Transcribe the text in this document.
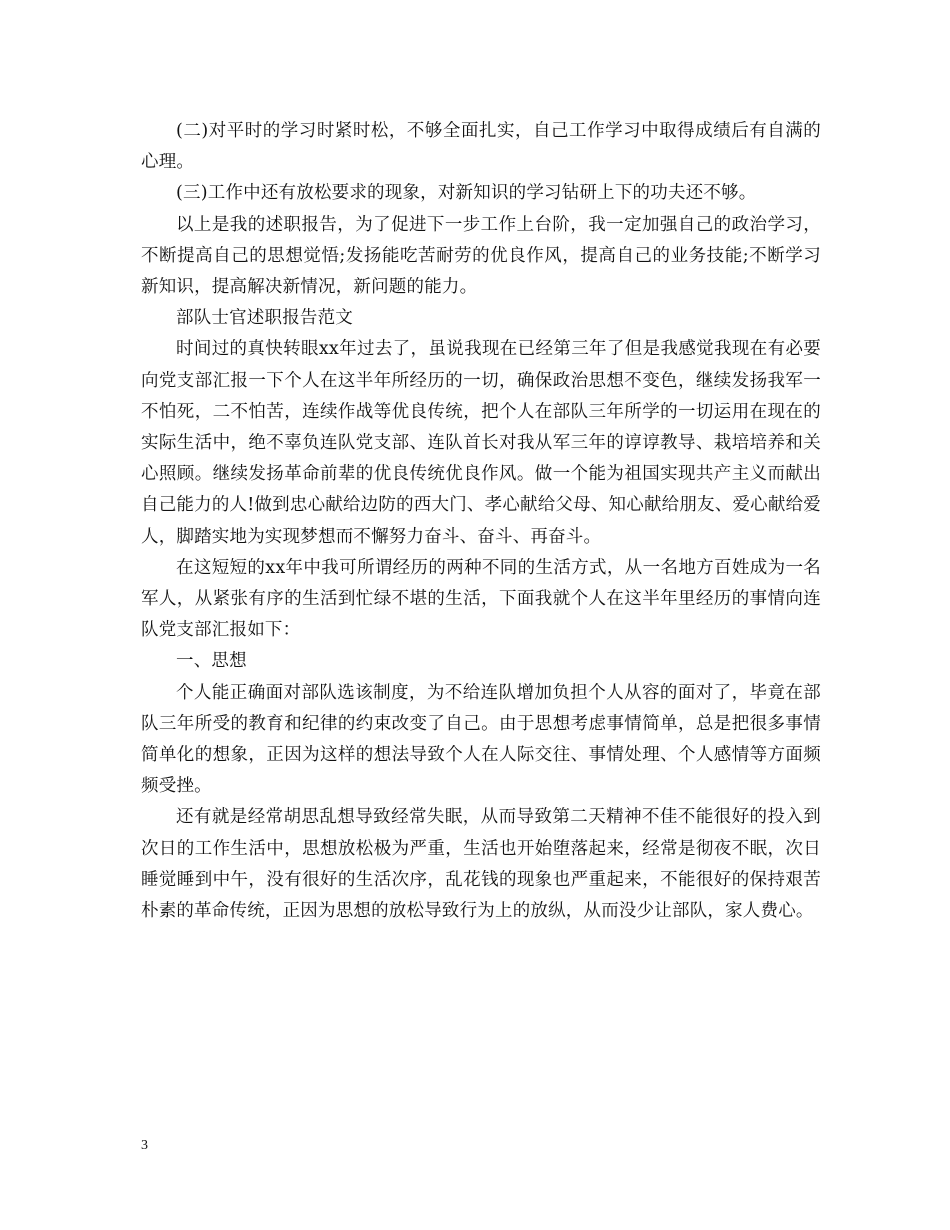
(二)对平时的学习时紧时松，不够全面扎实，自己工作学习中取得成绩后有自满的心理。

(三)工作中还有放松要求的现象，对新知识的学习钻研上下的功夫还不够。

以上是我的述职报告，为了促进下一步工作上台阶，我一定加强自己的政治学习，不断提高自己的思想觉悟;发扬能吃苦耐劳的优良作风，提高自己的业务技能;不断学习新知识，提高解决新情况，新问题的能力。

部队士官述职报告范文

时间过的真快转眼xx年过去了，虽说我现在已经第三年了但是我感觉我现在有必要向党支部汇报一下个人在这半年所经历的一切，确保政治思想不变色，继续发扬我军一不怕死，二不怕苦，连续作战等优良传统，把个人在部队三年所学的一切运用在现在的实际生活中，绝不辜负连队党支部、连队首长对我从军三年的谆谆教导、栽培培养和关心照顾。继续发扬革命前辈的优良传统优良作风。做一个能为祖国实现共产主义而献出自己能力的人!做到忠心献给边防的西大门、孝心献给父母、知心献给朋友、爱心献给爱人，脚踏实地为实现梦想而不懈努力奋斗、奋斗、再奋斗。

在这短短的xx年中我可所谓经历的两种不同的生活方式，从一名地方百姓成为一名军人，从紧张有序的生活到忙绿不堪的生活，下面我就个人在这半年里经历的事情向连队党支部汇报如下：

一、思想

个人能正确面对部队选该制度，为不给连队增加负担个人从容的面对了，毕竟在部队三年所受的教育和纪律的约束改变了自己。由于思想考虑事情简单，总是把很多事情简单化的想象，正因为这样的想法导致个人在人际交往、事情处理、个人感情等方面频频受挫。

还有就是经常胡思乱想导致经常失眠，从而导致第二天精神不佳不能很好的投入到次日的工作生活中，思想放松极为严重，生活也开始堕落起来，经常是彻夜不眠，次日睡觉睡到中午，没有很好的生活次序，乱花钱的现象也严重起来，不能很好的保持艰苦朴素的革命传统，正因为思想的放松导致行为上的放纵，从而没少让部队，家人费心。

3
